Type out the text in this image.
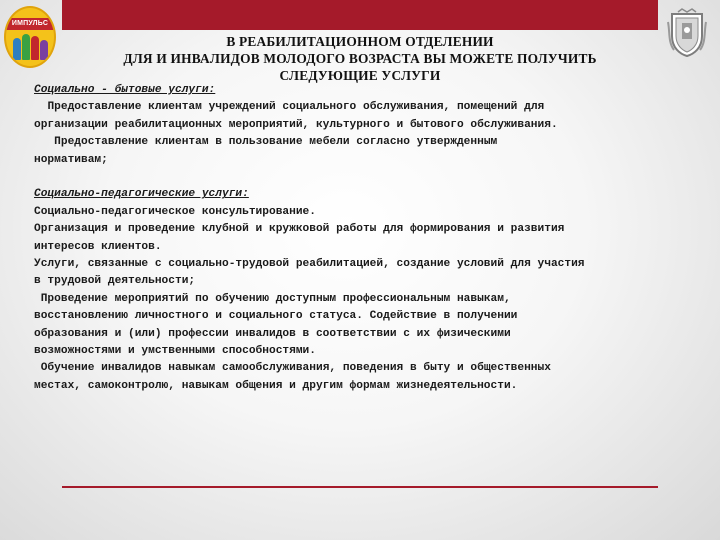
ИМПУЛЬС
В РЕАБИЛИТАЦИОННОМ ОТДЕЛЕНИИ
ДЛЯ И ИНВАЛИДОВ МОЛОДОГО ВОЗРАСТА ВЫ МОЖЕТЕ ПОЛУЧИТЬ
СЛЕДУЮЩИЕ УСЛУГИ

Социально - бытовые услуги:

Предоставление клиентам учреждений социального обслуживания, помещений для

организации реабилитационных мероприятий, культурного и бытового обслуживания.

Предоставление клиентам в пользование мебели согласно утвержденным

нормативам;

Социально-педагогические услуги:

Социально-педагогическое консультирование.

Организация и проведение клубной и кружковой работы для формирования и развития

интересов клиентов.

Услуги, связанные с социально-трудовой реабилитацией, создание условий для участия

в трудовой деятельности;

Проведение мероприятий по обучению доступным профессиональным навыкам,

восстановлению личностного и социального статуса. Содействие в получении

образования и (или) профессии инвалидов в соответствии с их физическими

возможностями и умственными способностями.

Обучение инвалидов навыкам самообслуживания, поведения в быту и общественных

местах, самоконтролю, навыкам общения и другим формам жизнедеятельности.
